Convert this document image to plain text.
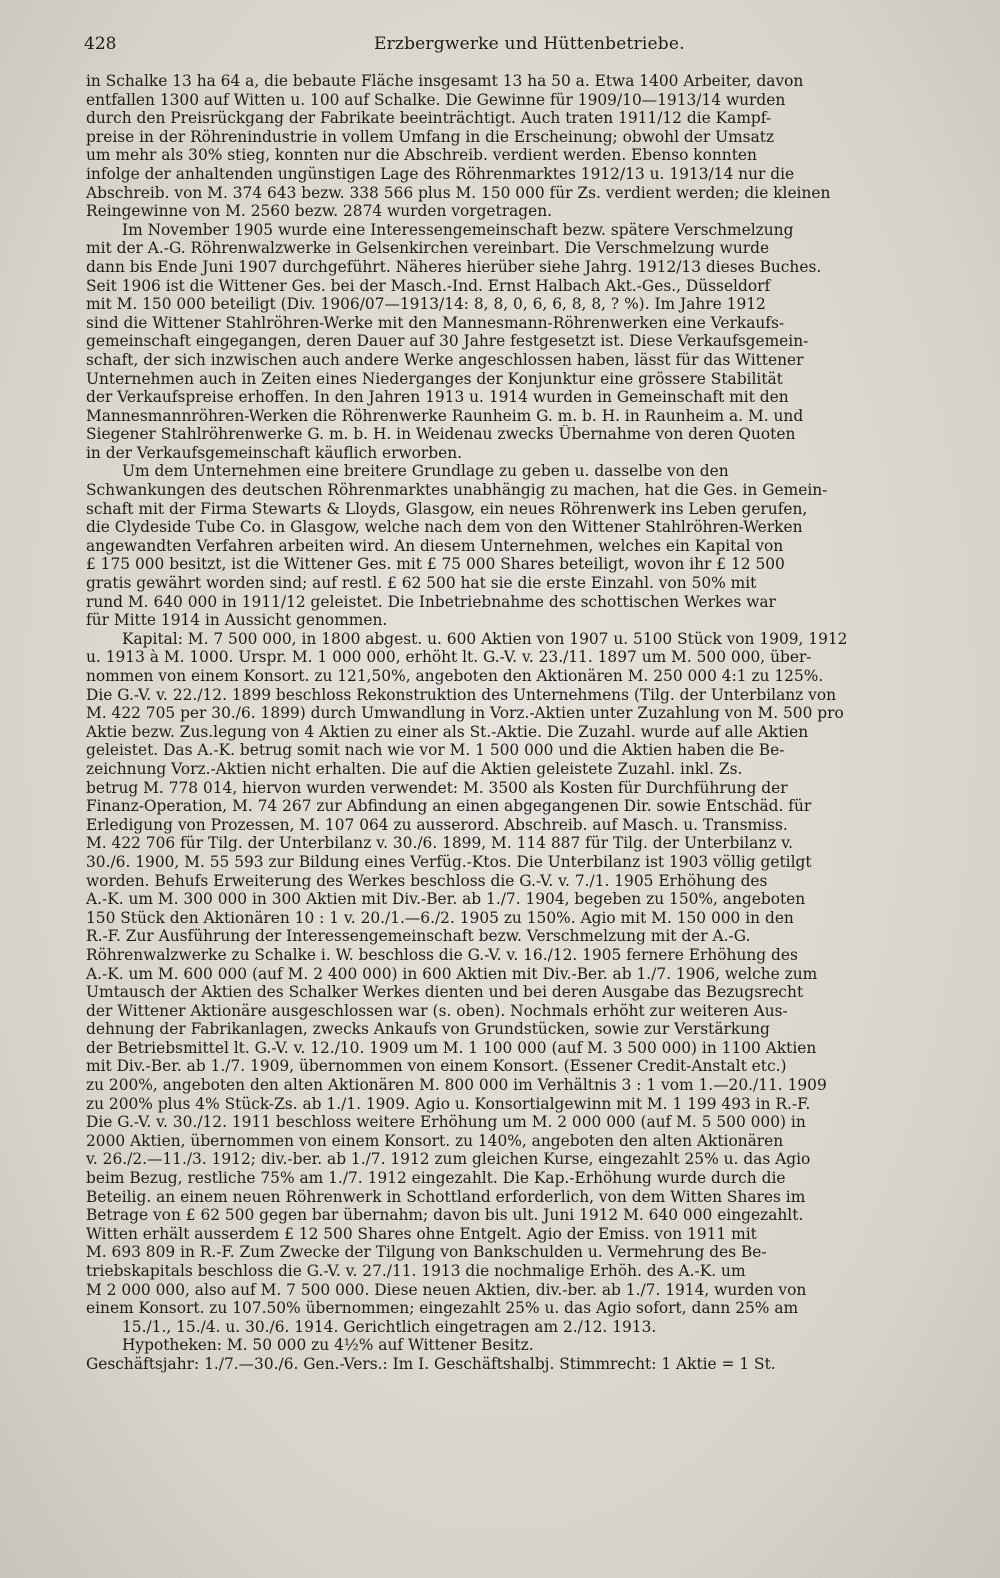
428	Erzbergwerke und Hüttenbetriebe.
in Schalke 13 ha 64 a, die bebaute Fläche insgesamt 13 ha 50 a. Etwa 1400 Arbeiter, davon
entfallen 1300 auf Witten u. 100 auf Schalke. Die Gewinne für 1909/10—1913/14 wurden
durch den Preisrückgang der Fabrikate beeinträchtigt. Auch traten 1911/12 die Kampf-
preise in der Röhrenindustrie in vollem Umfang in die Erscheinung; obwohl der Umsatz
um mehr als 30% stieg, konnten nur die Abschreib. verdient werden. Ebenso konnten
infolge der anhaltenden ungünstigen Lage des Röhrenmarktes 1912/13 u. 1913/14 nur die
Abschreib. von M. 374 643 bezw. 338 566 plus M. 150 000 für Zs. verdient werden; die kleinen
Reingewinne von M. 2560 bezw. 2874 wurden vorgetragen.
Im November 1905 wurde eine Interessengemeinschaft bezw. spätere Verschmelzung
mit der A.-G. Röhrenwalzwerke in Gelsenkirchen vereinbart. Die Verschmelzung wurde
dann bis Ende Juni 1907 durchgeführt. Näheres hierüber siehe Jahrg. 1912/13 dieses Buches.
Seit 1906 ist die Wittener Ges. bei der Masch.-Ind. Ernst Halbach Akt.-Ges., Düsseldorf
mit M. 150 000 beteiligt (Div. 1906/07—1913/14: 8, 8, 0, 6, 6, 8, 8, ? %). Im Jahre 1912
sind die Wittener Stahlröhren-Werke mit den Mannesmann-Röhrenwerken eine Verkaufs-
gemeinschaft eingegangen, deren Dauer auf 30 Jahre festgesetzt ist. Diese Verkaufsgemein-
schaft, der sich inzwischen auch andere Werke angeschlossen haben, lässt für das Wittener
Unternehmen auch in Zeiten eines Niederganges der Konjunktur eine grössere Stabilität
der Verkaufspreise erhoffen. In den Jahren 1913 u. 1914 wurden in Gemeinschaft mit den
Mannesmannröhren-Werken die Röhrenwerke Raunheim G. m. b. H. in Raunheim a. M. und
Siegener Stahlröhrenwerke G. m. b. H. in Weidenau zwecks Übernahme von deren Quoten
in der Verkaufsgemeinschaft käuflich erworben.
Um dem Unternehmen eine breitere Grundlage zu geben u. dasselbe von den
Schwankungen des deutschen Röhrenmarktes unabhängig zu machen, hat die Ges. in Gemein-
schaft mit der Firma Stewarts & Lloyds, Glasgow, ein neues Röhrenwerk ins Leben gerufen,
die Clydeside Tube Co. in Glasgow, welche nach dem von den Wittener Stahlröhren-Werken
angewandten Verfahren arbeiten wird. An diesem Unternehmen, welches ein Kapital von
£ 175 000 besitzt, ist die Wittener Ges. mit £ 75 000 Shares beteiligt, wovon ihr £ 12 500
gratis gewährt worden sind; auf restl. £ 62 500 hat sie die erste Einzahl. von 50% mit
rund M. 640 000 in 1911/12 geleistet. Die Inbetriebnahme des schottischen Werkes war
für Mitte 1914 in Aussicht genommen.
Kapital: M. 7 500 000, in 1800 abgest. u. 600 Aktien von 1907 u. 5100 Stück von 1909, 1912
u. 1913 à M. 1000. Urspr. M. 1 000 000, erhöht lt. G.-V. v. 23./11. 1897 um M. 500 000, über-
nommen von einem Konsort. zu 121,50%, angeboten den Aktionären M. 250 000 4:1 zu 125%.
Die G.-V. v. 22./12. 1899 beschloss Rekonstruktion des Unternehmens (Tilg. der Unterbilanz von
M. 422 705 per 30./6. 1899) durch Umwandlung in Vorz.-Aktien unter Zuzahlung von M. 500 pro
Aktie bezw. Zus.legung von 4 Aktien zu einer als St.-Aktie. Die Zuzahl. wurde auf alle Aktien
geleistet. Das A.-K. betrug somit nach wie vor M. 1 500 000 und die Aktien haben die Be-
zeichnung Vorz.-Aktien nicht erhalten. Die auf die Aktien geleistete Zuzahl. inkl. Zs.
betrug M. 778 014, hiervon wurden verwendet: M. 3500 als Kosten für Durchführung der
Finanz-Operation, M. 74 267 zur Abfindung an einen abgegangenen Dir. sowie Entschäd. für
Erledigung von Prozessen, M. 107 064 zu ausserord. Abschreib. auf Masch. u. Transmiss.
M. 422 706 für Tilg. der Unterbilanz v. 30./6. 1899, M. 114 887 für Tilg. der Unterbilanz v.
30./6. 1900, M. 55 593 zur Bildung eines Verfüg.-Ktos. Die Unterbilanz ist 1903 völlig getilgt
worden. Behufs Erweiterung des Werkes beschloss die G.-V. v. 7./1. 1905 Erhöhung des
A.-K. um M. 300 000 in 300 Aktien mit Div.-Ber. ab 1./7. 1904, begeben zu 150%, angeboten
150 Stück den Aktionären 10 : 1 v. 20./1.—6./2. 1905 zu 150%. Agio mit M. 150 000 in den
R.-F. Zur Ausführung der Interessengemeinschaft bezw. Verschmelzung mit der A.-G.
Röhrenwalzwerke zu Schalke i. W. beschloss die G.-V. v. 16./12. 1905 fernere Erhöhung des
A.-K. um M. 600 000 (auf M. 2 400 000) in 600 Aktien mit Div.-Ber. ab 1./7. 1906, welche zum
Umtausch der Aktien des Schalker Werkes dienten und bei deren Ausgabe das Bezugsrecht
der Wittener Aktionäre ausgeschlossen war (s. oben). Nochmals erhöht zur weiteren Aus-
dehnung der Fabrikanlagen, zwecks Ankaufs von Grundstücken, sowie zur Verstärkung
der Betriebsmittel lt. G.-V. v. 12./10. 1909 um M. 1 100 000 (auf M. 3 500 000) in 1100 Aktien
mit Div.-Ber. ab 1./7. 1909, übernommen von einem Konsort. (Essener Credit-Anstalt etc.)
zu 200%, angeboten den alten Aktionären M. 800 000 im Verhältnis 3 : 1 vom 1.—20./11. 1909
zu 200% plus 4% Stück-Zs. ab 1./1. 1909. Agio u. Konsortialgewinn mit M. 1 199 493 in R.-F.
Die G.-V. v. 30./12. 1911 beschloss weitere Erhöhung um M. 2 000 000 (auf M. 5 500 000) in
2000 Aktien, übernommen von einem Konsort. zu 140%, angeboten den alten Aktionären
v. 26./2.—11./3. 1912; div.-ber. ab 1./7. 1912 zum gleichen Kurse, eingezahlt 25% u. das Agio
beim Bezug, restliche 75% am 1./7. 1912 eingezahlt. Die Kap.-Erhöhung wurde durch die
Beteilig. an einem neuen Röhrenwerk in Schottland erforderlich, von dem Witten Shares im
Betrage von £ 62 500 gegen bar übernahm; davon bis ult. Juni 1912 M. 640 000 eingezahlt.
Witten erhält ausserdem £ 12 500 Shares ohne Entgelt. Agio der Emiss. von 1911 mit
M. 693 809 in R.-F. Zum Zwecke der Tilgung von Bankschulden u. Vermehrung des Be-
triebskapitals beschloss die G.-V. v. 27./11. 1913 die nochmalige Erhöh. des A.-K. um
M 2 000 000, also auf M. 7 500 000. Diese neuen Aktien, div.-ber. ab 1./7. 1914, wurden von
einem Konsort. zu 107.50% übernommen; eingezahlt 25% u. das Agio sofort, dann 25% am
15./1., 15./4. u. 30./6. 1914. Gerichtlich eingetragen am 2./12. 1913.
Hypotheken: M. 50 000 zu 4½% auf Wittener Besitz.
Geschäftsjahr: 1./7.—30./6. Gen.-Vers.: Im I. Geschäftshalbj. Stimmrecht: 1 Aktie = 1 St.
